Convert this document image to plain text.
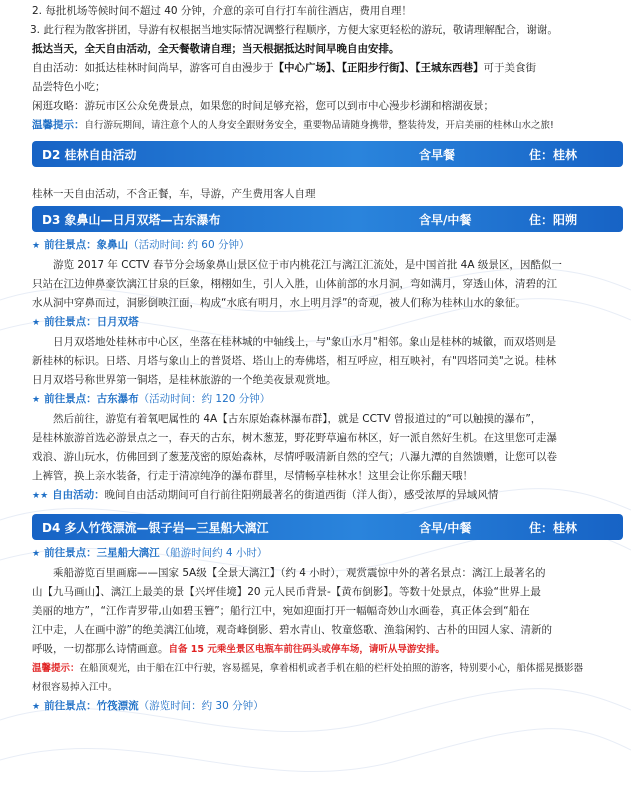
2. 每批机场等候时间不超过 40 分钟，介意的亲可自行打车前往酒店，费用自理！

3. 此行程为散客拼团，导游有权根据当地实际情况调整行程顺序，方便大家更轻松的游玩，敬请理解配合，谢谢。

抵达当天，全天自由活动，全天餐敬请自理；当天根据抵达时间早晚自由安排。

自由活动：如抵达桂林时间尚早，游客可自由漫步于【中心广场】、【正阳步行街】、【王城东西巷】可于美食街

品尝特色小吃；

闲逛攻略：游玩市区公众免费景点，如果您的时间足够充裕，您可以到市中心漫步杉湖和榕湖夜景；

温馨提示：自行游玩期间，请注意个人的人身安全跟财务安全，重要物品请随身携带，整装待发，开启美丽的桂林山水之旅!

D2 桂林自由活动	含早餐	住：桂林

桂林一天自由活动，不含正餐，车，导游，产生费用客人自理

D3 象鼻山—日月双塔—古东瀑布	含早/中餐	住：阳朔

★ 前往景点：象鼻山（活动时间: 约 60 分钟）

游览 2017 年 CCTV 春节分会场象鼻山景区位于市内桃花江与漓江汇流处，是中国首批 4A 级景区，因酷似一

只站在江边伸鼻豪饮漓江甘泉的巨象，栩栩如生，引人入胜，山体前部的水月洞，弯如满月，穿透山体，清碧的江

水从洞中穿鼻而过，洞影倒映江面，构成“水底有明月，水上明月浮”的奇观，被人们称为桂林山水的象征。

★ 前往景点：日月双塔

日月双塔地处桂林市中心区，坐落在桂林城的中轴线上，与"象山水月"相邻。象山是桂林的城徽，而双塔则是

新桂林的标识。日塔、月塔与象山上的普贤塔、塔山上的寿佛塔，相互呼应，相互映衬，有"四塔同美"之说。桂林

日月双塔号称世界第一铜塔，是桂林旅游的一个绝美夜景观赏地。

★ 前往景点：古东瀑布（活动时间：约 120 分钟）

然后前往，游览有着氧吧属性的 4A【古东原始森林瀑布群】，就是 CCTV 曾报道过的“可以触摸的瀑布”，

是桂林旅游首选必游景点之一，春天的古东，树木葱茏，野花野草遍布林区，好一派自然好生机。在这里您可走瀑

戏浪、游山玩水，仿佛回到了葱茏茂密的原始森林，尽情呼吸清新自然的空气；八瀑九潭的自然馈赠，让您可以卷

上裤管，换上亲水装备，行走于清凉纯净的瀑布群里，尽情畅享桂林水！这里会让你乐翻天哦！

★★ 自由活动：晚间自由活动期间可自行前往阳朔最著名的街道西街（洋人街），感受浓厚的异域风情

D4 多人竹筏漂流—银子岩—三星船大漓江	含早/中餐	住：桂林

★ 前往景点：三星船大漓江（船游时间约 4 小时）

乘船游览百里画廊——国家 5A级【全景大漓江】（约 4 小时），观赏震惊中外的著名景点：漓江上最著名的

山【九马画山】、漓江上最美的景【兴坪佳境】20 元人民币背景-【黄布倒影】。等数十处景点，体验“世界上最

美丽的地方”，“江作青罗带,山如碧玉簪”；船行江中，宛如迎面打开一幅幅奇妙山水画卷，真正体会到“船在

江中走，人在画中游”的绝美漓江仙境，观奇峰倒影、碧水青山、牧童悠歌、渔翁闲钓、古朴的田园人家、清新的

呼吸，一切都那么诗情画意。自备 15 元乘坐景区电瓶车前往码头或停车场，请听从导游安排。

温馨提示：在船顶观光，由于船在江中行驶，容易摇晃，拿着相机或者手机在船的栏杆处拍照的游客，特别要小心，船体摇晃摄影器

材很容易掉入江中。

★ 前往景点：竹筏漂流（游览时间：约 30 分钟）
